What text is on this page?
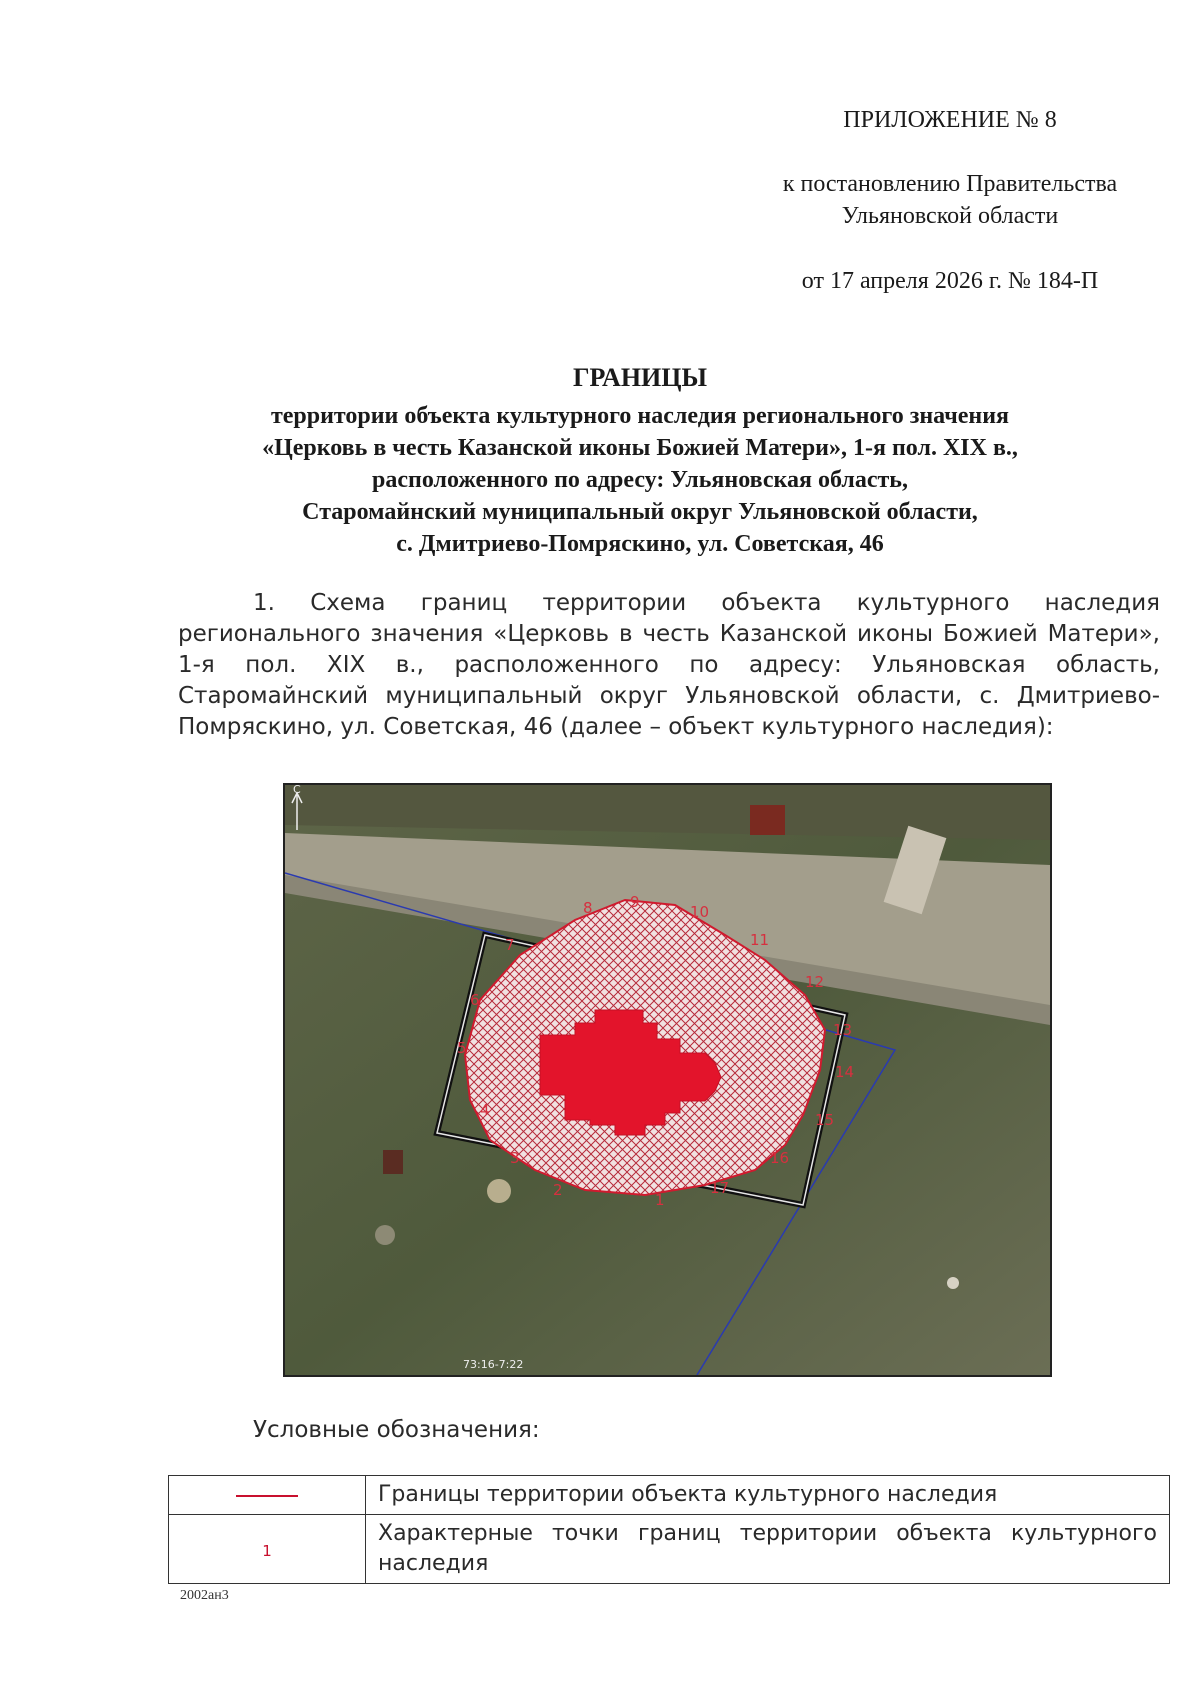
ПРИЛОЖЕНИЕ № 8
к постановлению Правительства
Ульяновской области
от 17 апреля 2026 г. № 184-П
ГРАНИЦЫ
территории объекта культурного наследия регионального значения
«Церковь в честь Казанской иконы Божией Матери», 1-я пол. XIX в.,
расположенного по адресу: Ульяновская область,
Старомайнский муниципальный округ Ульяновской области,
с. Дмитриево-Помряскино, ул. Советская, 46
1. Схема границ территории объекта культурного наследия регионального значения «Церковь в честь Казанской иконы Божией Матери», 1-я пол. XIX в., расположенного по адресу: Ульяновская область, Старомайнский муниципальный округ Ульяновской области, с. Дмитриево-Помряскино, ул. Советская, 46 (далее – объект культурного наследия):
1
2
3
4
5
6
7
8 9
10
11
12
13
14
15
16
17
С
73:16-7:22
Условные обозначения:
	Границы территории объекта культурного наследия
1	Характерные точки границ территории объекта культурного наследия
2002ан3
